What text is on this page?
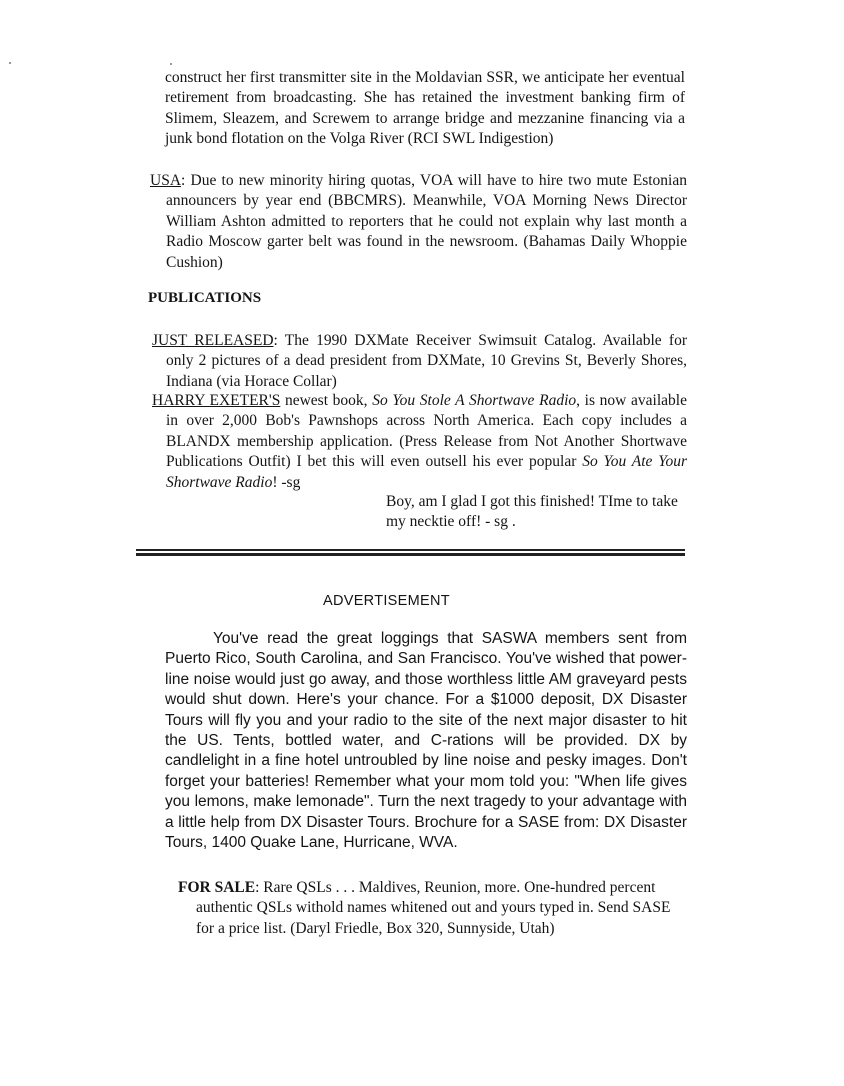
construct her first transmitter site in the Moldavian SSR, we anticipate her eventual retirement from broadcasting. She has retained the investment banking firm of Slimem, Sleazem, and Screwem to arrange bridge and mezzanine financing via a junk bond flotation on the Volga River (RCI SWL Indigestion)

USA: Due to new minority hiring quotas, VOA will have to hire two mute Estonian announcers by year end (BBCMRS). Meanwhile, VOA Morning News Director William Ashton admitted to reporters that he could not explain why last month a Radio Moscow garter belt was found in the newsroom. (Bahamas Daily Whoppie Cushion)

PUBLICATIONS

JUST RELEASED: The 1990 DXMate Receiver Swimsuit Catalog. Available for only 2 pictures of a dead president from DXMate, 10 Grevins St, Beverly Shores, Indiana (via Horace Collar)

HARRY EXETER'S newest book, So You Stole A Shortwave Radio, is now available in over 2,000 Bob's Pawnshops across North America. Each copy includes a BLANDX membership application. (Press Release from Not Another Shortwave Publications Outfit) I bet this will even outsell his ever popular So You Ate Your Shortwave Radio! -sg

Boy, am I glad I got this finished! TIme to take my necktie off! - sg .
ADVERTISEMENT
You've read the great loggings that SASWA members sent from Puerto Rico, South Carolina, and San Francisco. You've wished that power-line noise would just go away, and those worthless little AM graveyard pests would shut down. Here's your chance. For a $1000 deposit, DX Disaster Tours will fly you and your radio to the site of the next major disaster to hit the US. Tents, bottled water, and C-rations will be provided. DX by candlelight in a fine hotel untroubled by line noise and pesky images. Don't forget your batteries! Remember what your mom told you: "When life gives you lemons, make lemonade". Turn the next tragedy to your advantage with a little help from DX Disaster Tours. Brochure for a SASE from: DX Disaster Tours, 1400 Quake Lane, Hurricane, WVA.

FOR SALE: Rare QSLs . . . Maldives, Reunion, more. One-hundred percent authentic QSLs withold names whitened out and yours typed in. Send SASE for a price list. (Daryl Friedle, Box 320, Sunnyside, Utah)
